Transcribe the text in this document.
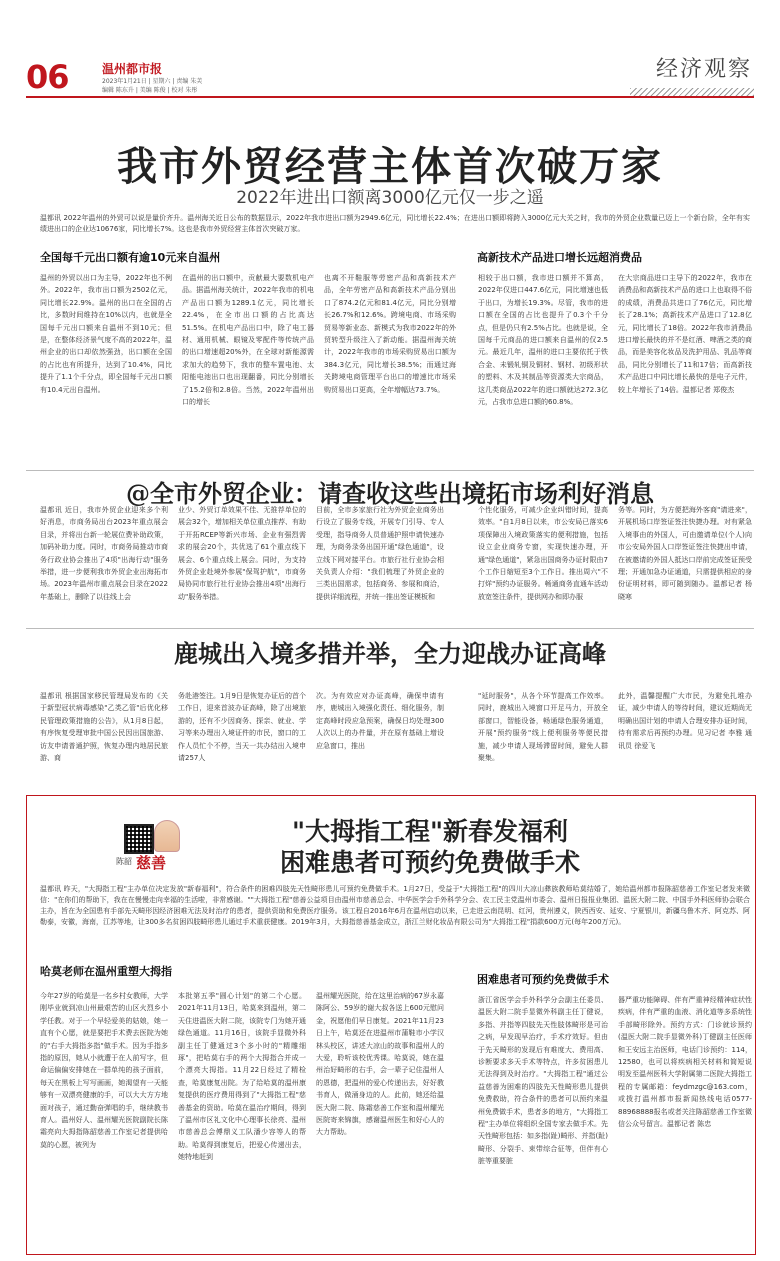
06	温州都市报
2023年1月21日 | 星期六 | 责编 朱芙
编辑 陈东升 | 美编 陈俊 | 校对 朱彤
经济观察
我市外贸经营主体首次破万家
2022年进出口额离3000亿元仅一步之遥
温都讯 2022年温州的外贸可以说是量价齐升。温州海关近日公布的数据显示，2022年我市进出口额为2949.6亿元，同比增长22.4%；在进出口额即将跨入3000亿元大关之时，我市的外贸企业数量已迈上一个新台阶，全年有实绩进出口的企业达10676家，同比增长7%。这也是我市外贸经营主体首次突破万家。
全国每千元出口额有逾10元来自温州	高新技术产品进口增长远超消费品
温州的外贸以出口为主导，2022年也不例外。2022年，我市出口额为2502亿元，同比增长22.9%。温州的出口在全国的占比，多数时间维持在10%以内，也就是全国每千元出口额来自温州不到10元；但是，在整体经济景气度不高的2022年，温州企业的出口却依然强劲，出口额在全国的占比也有所提升，达到了10.4%，同比提升了1.1个千分点，即全国每千元出口额有10.4元出自温州。
在温州的出口额中，贡献最大要数机电产品。据温州海关统计，2022年我市的机电产品出口额为1289.1亿元，同比增长22.4%，在全市出口额的占比高达51.5%。在机电产品出口中，除了电工器材、通用机械、眼镜及零配件等传统产品的出口增速超20%外，在全球对新能源需求加大的趋势下，我市的整车置电池、太阳能电池出口也出现翻番，同比分别增长了15.2倍和2.8倍。当然，2022年温州出口的增长
也离不开鞋服等劳密产品和高新技术产品，全年劳密产品和高新技术产品分别出口了874.2亿元和81.4亿元，同比分别增长26.7%和12.6%。跨境电商、市场采购贸易等新业态、新模式为我市2022年的外贸转型升级注入了新动能。据温州海关统计，2022年我市的市场采购贸易出口额为384.3亿元，同比增长38.5%；而通过海关跨境电商管理平台出口的增速比市场采购贸易出口更高，全年增幅达73.7%。
相较于出口额，我市进口额并不算高，2022年仅进口447.6亿元，同比增速也低于出口，为增长19.3%。尽管，我市的进口额在全国的占比也提升了0.3个千分点，但是仍只有2.5%占比。也就是说，全国每千元商品的进口额来自温州的仅2.5元。最近几年，温州的进口主要依托于铁合金、未锻轧铜及铜材、钢材、初级形状的塑料、木及其制品等资源类大宗商品，这几类商品2022年的进口额就达272.3亿元，占我市总进口额的60.8%。
在大宗商品进口主导下的2022年，我市在消费品和高新技术产品的进口上也取得不俗的成绩，消费品共进口了76亿元，同比增长了28.1%；高新技术产品进口了12.8亿元，同比增长了18倍。2022年我市消费品进口增长最快的并不是红酒、啤酒之类的商品，而是美容化妆品及洗护用品、乳品等商品，同比分别增长了11和17倍；而高新技术产品进口中同比增长最快的是电子元件，较上年增长了14倍。温都记者 郑俊杰
@全市外贸企业：请查收这些出境拓市场利好消息
温都讯 近日，我市外贸企业迎来多个利好消息，市商务局出台2023年重点展会目录，并将出台新一轮展位费补助政策，加码补助力度。同时，市商务局推动市商务行政业协会推出了4项"出海行动"服务举措，进一步便利我市外贸企业出海拓市场。2023年温州市重点展会目录在2022年基础上，删除了以往线上会
业少、外贸订单效果不佳、无推荐单位的展会32个，增加相关单位重点推荐、有助于开拓RCEP等新兴市场、企业有强烈需求的展会20个，共优选了61个重点线下展会、6个重点线上展会。同时，为支持外贸企业赴境外参展"保驾护航"，市商务局协同市旅行社行业协会推出4项"出海行动"服务举措。
目前，全市多家旅行社为外贸企业商务出行设立了服务专线，开展专门引导、专人受理，指导商务人员普通护照申请快速办理，为商务录务出国开通"绿色通道"，设立线下网对接平台。市旅行社行业协会相关负责人介绍："我们梳理了外贸企业的三类出国需求，包括商务、参展和商洽，提供详细流程，并统一推出签证模板和
个性化服务，可减少企业纠错时间，提高效率。"自1月8日以来，市公安局已落实6项保障出入境政策落实的便利措施，包括设立企业商务专窗，实现快速办理，开通"绿色通道"，紧急出国商务办证时限由7个工作日缩短至3个工作日。推出周六"不打烊"预约办证服务。畅通商务直通车活动放宽签注条件，提供网办和即办服
务等。同时，为方便把海外客商"请进来"，开展机场口岸签证签注快捷办理。对有紧急入境事由的外国人，可由邀请单位(个人)向市公安局外国人口岸签证签注快捷出申请，在被邀请的外国人抵达口岸前完成签证预受理；开通加急办证通道，只需提供相应的身份证明材料，即可随到随办。温都记者 杨晓寒
鹿城出入境多措并举，全力迎战办证高峰
温都讯 根据国家移民管理局发布的《关于新型冠状病毒感染"乙类乙管"后优化移民管理政策措施的公告》，从1月8日起，有序恢复受理审批中国公民因出国旅游、访友申请普通护照，恢复办理内地居民旅游、商
务赴港签注。1月9日是恢复办证后的首个工作日，迎来首波办证高峰，除了出境旅游的，还有不少因商务、探亲、就业、学习等来办理出入境证件的市民，窗口的工作人员忙个不停，当天一共办结出入境申请257人
次。为有效应对办证高峰，确保申请有序，鹿城出入境强化责任、细化服务，制定高峰时段应急预案，确保日均处理300人次以上的办件量，并在原有基础上增设应急窗口，推出
"延时服务"，从各个环节提高工作效率。同时，鹿城出入境窗口开足马力，开放全部窗口，智能设备，畅通绿色服务通道，开展"预约服务"线上便利服务等便民措施，减少申请人现场滞留时间，避免人群聚集。
此外，温馨提醒广大市民，为避免扎堆办证，减少申请人的等待时间，建议近期尚无明确出国计划的申请人合理安排办证时间，待有需求后再预约办理。见习记者 李雅 通讯员 徐爱飞
陈韶 慈善
"大拇指工程"新春发福利
困难患者可预约免费做手术
温都讯 昨天，"大拇指工程"主办单位决定发放"新春福利"，符合条件的困难四肢先天性畸形患儿可预约免费做手术。1月27日，受益于"大拇指工程"的四川大凉山彝族教师哈莫结婚了，她给温州都市报陈韶慈善工作室记者发来微信："在你们的帮助下，我在在慢慢走向幸福的生活啦，非常感谢。""大拇指工程"慈善公益项目由温州市慈善总会、中华医学会手外科学分会、农工民主党温州市委会、温州日报报业集团、温医大附二院、中国手外科医师协会联合主办，旨在为全国患有手部先天畸形因经济困难无法及时治疗的患者，提供资助和免费医疗服务。该工程自2016年6月在温州启动以来，已走进云南昆明、红河，贵州遵义，陕西西安、延安、宁夏银川，新疆乌鲁木齐、阿克苏、阿勒泰，安徽，海南，江苏等地，让300多名贫困四肢畸形患儿通过手术重获健康。2019年3月，大拇指慈善基金成立，浙江兰财化妆品有限公司为"大拇指工程"捐款600万元(每年200万元)。
哈莫老师在温州重塑大拇指
困难患者可预约免费做手术
今年27岁的哈莫是一名乡村女教师，大学刚毕业就到凉山州最艰苦的山区火烈乡小学任教。对于一个早轻爱美的姑娘，她一直有个心愿，就是要把手术费去医院为她的"右手大拇指多指"做手术。因为手指多指的原因，她从小就遭于在人前写字，但命运偏偏安排她在一群单纯的孩子面前，每天在黑板上写写画画，她渴望有一天能够有一双漂亮健康的手，可以大大方方地面对孩子，通过勤奋弹唱的手，继续教书育人。温州好人、温州耀光医院副院长陈霜亮向大拇指陈韶慈善工作室记者提供哈莫的心愿，被列为
本批第五季"圆心计划"的第二个心愿。2021年11月13日，哈莫来到温州，第二天住进温医大附二院，该院专门为她开通绿色通道。11月16日，该院手显微外科副主任丁健通过3个多小时的"精雕细琢"，把哈莫右手的两个大拇指合并成一个漂亮大拇指。11月22日经过了精检查，哈莫康复出院。为了给哈莫的温州康复提供的医疗费用得到了"大拇指工程"慈善基金的资助。哈莫在温治疗期间，得到了温州市区礼文化中心理事长徐亮、温州市慈善总会傅鼎义工队潘少容等人的帮助。哈莫得到康复后，把爱心传递出去，她特地赶到
温州耀光医院，给在这里治病的67岁永嘉陈阿公、59岁的谢大叔各送上600元慰问金，祝愿他们早日康复。2021年11月23日上午，哈莫还在进温州市蒲鞋市小学汉林头校区，讲述大凉山的故事和温州人的大爱，聆听该校优秀课。哈莫说，她在温州治好畸形的右手，会一辈子记住温州人的恩德，把温州的爱心传递出去，好好教书育人，做涌身边的人。此前，她还给温医大附二院、陈霜慈善工作室和温州耀光医院寄来锦旗，感谢温州医生和好心人的大力帮助。
浙江省医学会手外科学分会副主任委员、温医大附二院手显微外科副主任丁健说，多指、并指等四肢先天性肢体畸形是可治之病，早发现早治疗，手术疗效好。但由于先天畸形的发现后有难度大、费用高、诊断要求多天手术等特点，许多贫困患儿无法得到及时治疗。"大拇指工程"通过公益慈善为困难的四肢先天性畸形患儿提供免费救助，符合条件的患者可以预约来温州免费做手术，患者多的地方，"大拇指工程"主办单位将组织全国专家去做手术。先天性畸形包括：如多指(趾)畸形、并指(趾)畸形、分裂手、束带综合征等，但伴有心脏等重要脏
器严重功能障碍、伴有严重神经精神症状性疾病，伴有严重的血液、消化道等多系统性手部畸形除外。预约方式：门诊就诊预约(温医大附二院手显微外科)丁健副主任医师和王安远主治医师，电话门诊预约：114，12580，也可以将疾病相关材料和简短说明发至温州医科大学附属第二医院大拇指工程的专属邮箱：feydmzgc@163.com，或拨打温州都市报新闻热线电话0577-88968888报名或者关注陈韶慈善工作室微信公众号留言。温都记者 陈忠
